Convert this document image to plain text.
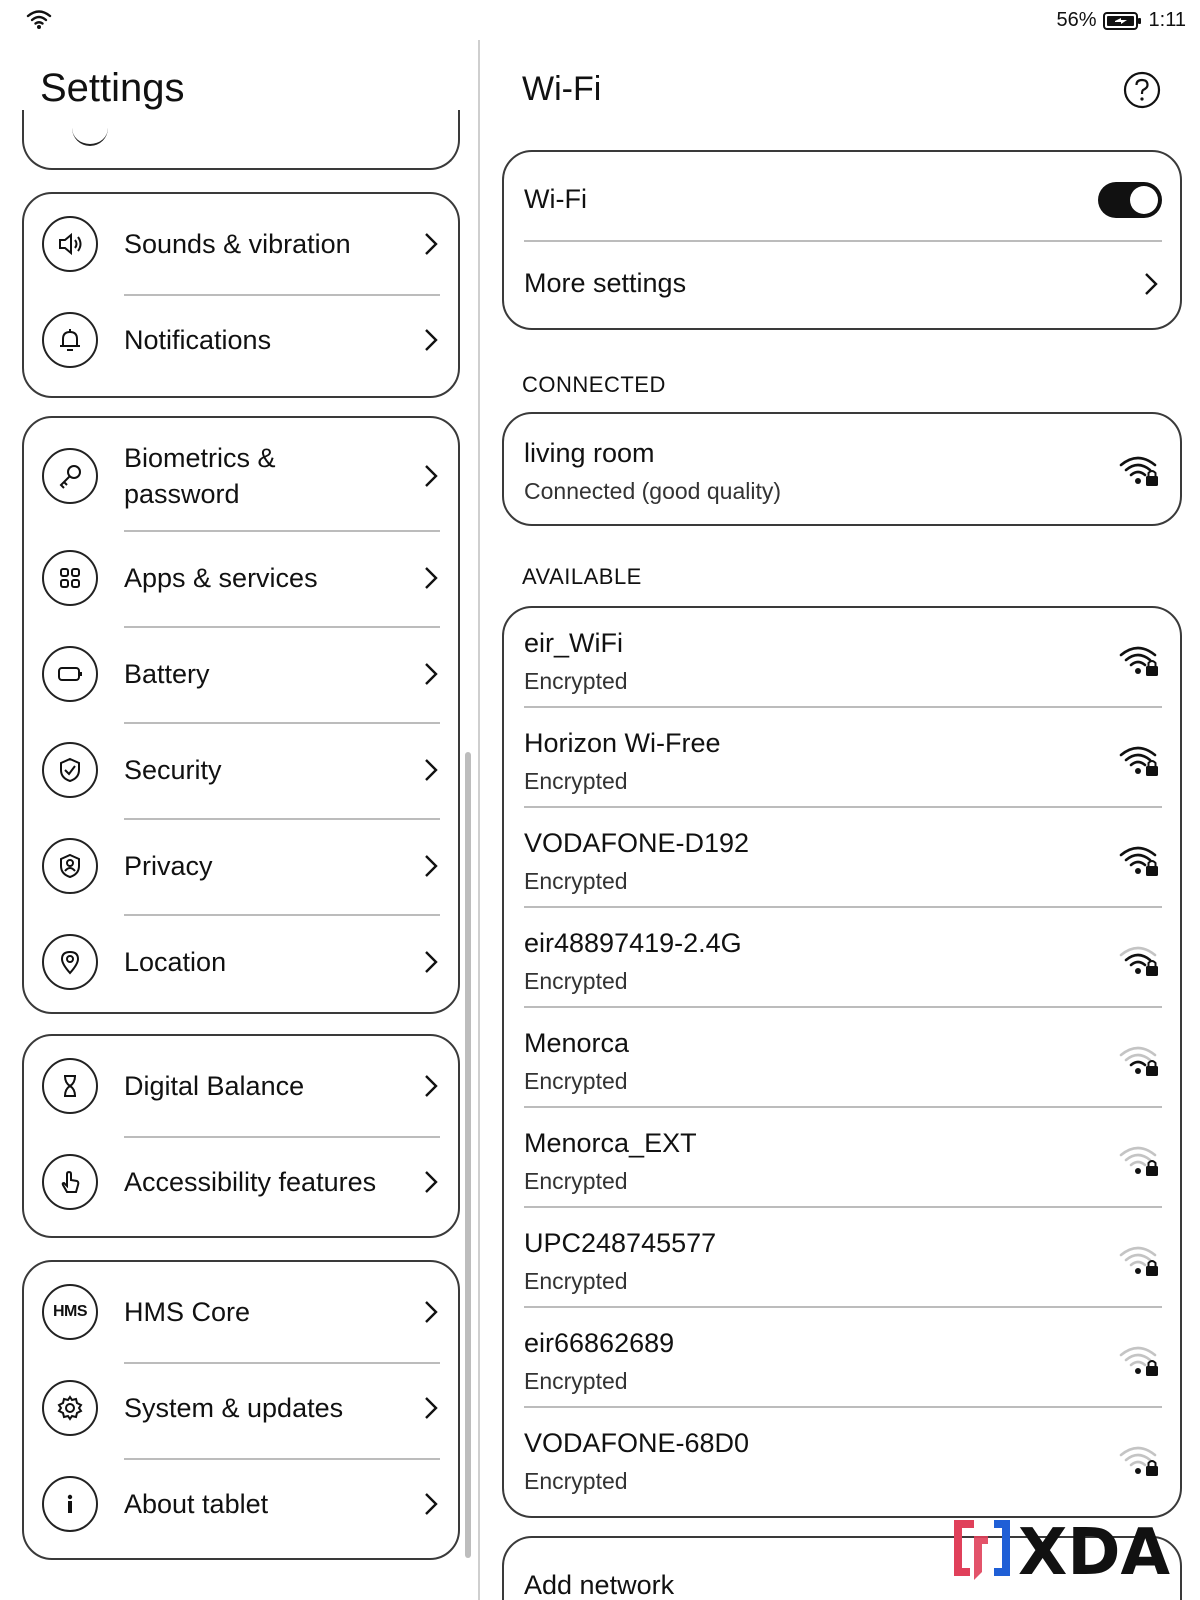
56%	1:11
Settings
Sounds & vibration
Notifications
Biometrics &
password
Apps & services
Battery
Security
Privacy
Location
Digital Balance
Accessibility features
HMS HMS Core
System & updates
About tablet
Wi-Fi
Wi-Fi
More settings
CONNECTED
living room
Connected (good quality)
AVAILABLE
eir_WiFi
Encrypted
Horizon Wi-Free
Encrypted
VODAFONE-D192
Encrypted
eir48897419-2.4G
Encrypted
Menorca
Encrypted
Menorca_EXT
Encrypted
UPC248745577
Encrypted
eir66862689
Encrypted
VODAFONE-68D0
Encrypted
Add network	XDA
